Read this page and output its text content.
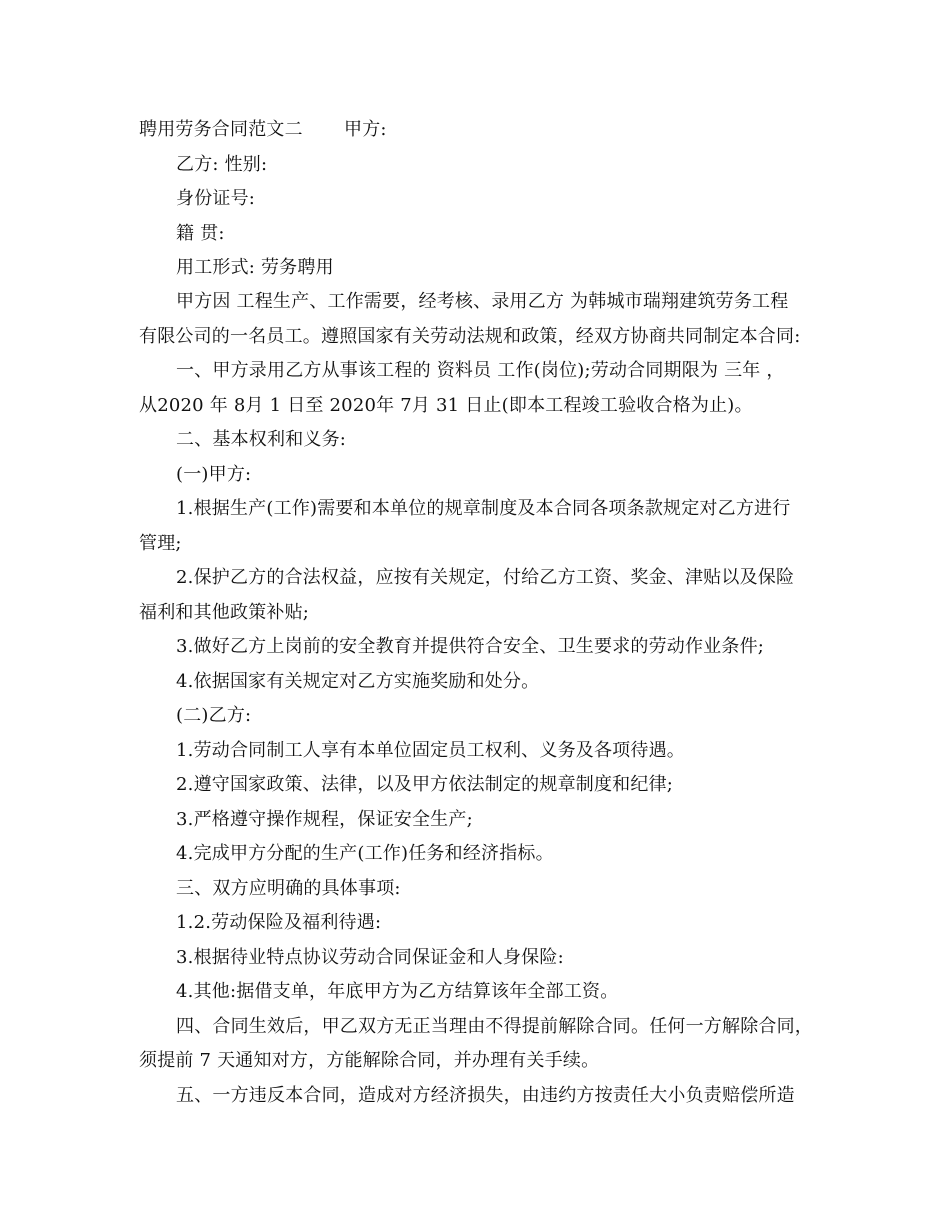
聘用劳务合同范文二 甲方:
乙方: 性别:
身份证号:
籍 贯:
用工形式: 劳务聘用
甲方因 工程生产、工作需要，经考核、录用乙方 为韩城市瑞翔建筑劳务工程
有限公司的一名员工。遵照国家有关劳动法规和政策，经双方协商共同制定本合同:
一、甲方录用乙方从事该工程的 资料员 工作(岗位);劳动合同期限为 三年 ，
从2020 年 8月 1 日至 2020年 7月 31 日止(即本工程竣工验收合格为止)。
二、基本权利和义务:
(一)甲方:
1.根据生产(工作)需要和本单位的规章制度及本合同各项条款规定对乙方进行
管理;
2.保护乙方的合法权益，应按有关规定，付给乙方工资、奖金、津贴以及保险
福利和其他政策补贴;
3.做好乙方上岗前的安全教育并提供符合安全、卫生要求的劳动作业条件;
4.依据国家有关规定对乙方实施奖励和处分。
(二)乙方:
1.劳动合同制工人享有本单位固定员工权利、义务及各项待遇。
2.遵守国家政策、法律，以及甲方依法制定的规章制度和纪律;
3.严格遵守操作规程，保证安全生产;
4.完成甲方分配的生产(工作)任务和经济指标。
三、双方应明确的具体事项:
1.2.劳动保险及福利待遇:
3.根据待业特点协议劳动合同保证金和人身保险:
4.其他:据借支单，年底甲方为乙方结算该年全部工资。
四、合同生效后，甲乙双方无正当理由不得提前解除合同。任何一方解除合同，
须提前 7 天通知对方，方能解除合同，并办理有关手续。
五、一方违反本合同，造成对方经济损失，由违约方按责任大小负责赔偿所造
